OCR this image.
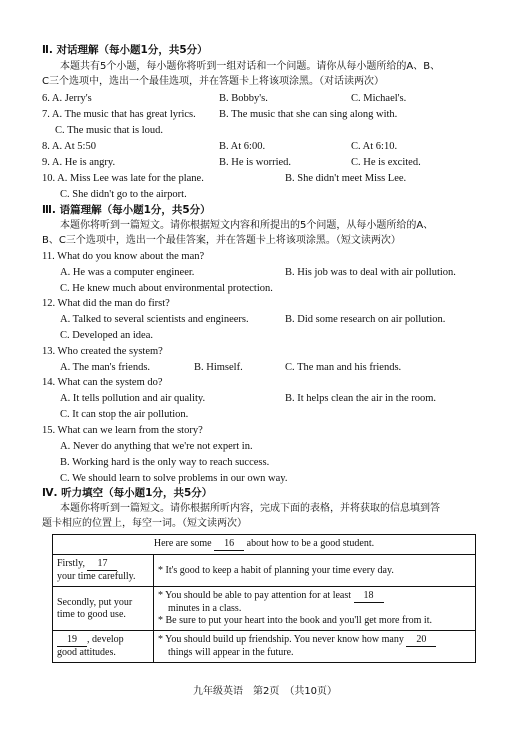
Ⅱ. 对话理解（每小题1分，共5分）
本题共有5个小题，每小题你将听到一组对话和一个问题。请你从每小题所给的A、B、
C三个选项中，选出一个最佳选项，并在答题卡上将该项涂黑。（对话读两次）
6. A. Jerry's	B. Bobby's.	C. Michael's.
7. A. The music that has great lyrics. B. The music that she can sing along with.
C. The music that is loud.
8. A. At 5:50	B. At 6:00.	C. At 6:10.
9. A. He is angry.	B. He is worried.	C. He is excited.
10. A. Miss Lee was late for the plane.	B. She didn't meet Miss Lee.
C. She didn't go to the airport.
Ⅲ. 语篇理解（每小题1分，共5分）
本题你将听到一篇短文。请你根据短文内容和所提出的5个问题，从每小题所给的A、
B、C三个选项中，选出一个最佳答案，并在答题卡上将该项涂黑。（短文读两次）
11. What do you know about the man?
A. He was a computer engineer.	B. His job was to deal with air pollution.
C. He knew much about environmental protection.
12. What did the man do first?
A. Talked to several scientists and engineers.	B. Did some research on air pollution.
C. Developed an idea.
13. Who created the system?
A. The man's friends.	B. Himself.	C. The man and his friends.
14. What can the system do?
A. It tells pollution and air quality.	B. It helps clean the air in the room.
C. It can stop the air pollution.
15. What can we learn from the story?
A. Never do anything that we're not expert in.
B. Working hard is the only way to reach success.
C. We should learn to solve problems in our own way.
Ⅳ. 听力填空（每小题1分，共5分）
本题你将听到一篇短文。请你根据所听内容，完成下面的表格，并将获取的信息填到答
题卡相应的位置上，每空一词。（短文读两次）
Here are some 16 about how to be a good student.	
Firstly, 17
your time carefully.	* It's good to keep a habit of planning your time every day.
Secondly, put your
time to good use.	* You should be able to pay attention for at least 18
minutes in a class.
* Be sure to put your heart into the book and you'll get more from it.
19 , develop
good attitudes.	* You should build up friendship. You never know how many 20
things will appear in the future.
九年级英语　第2页　（共10页）
